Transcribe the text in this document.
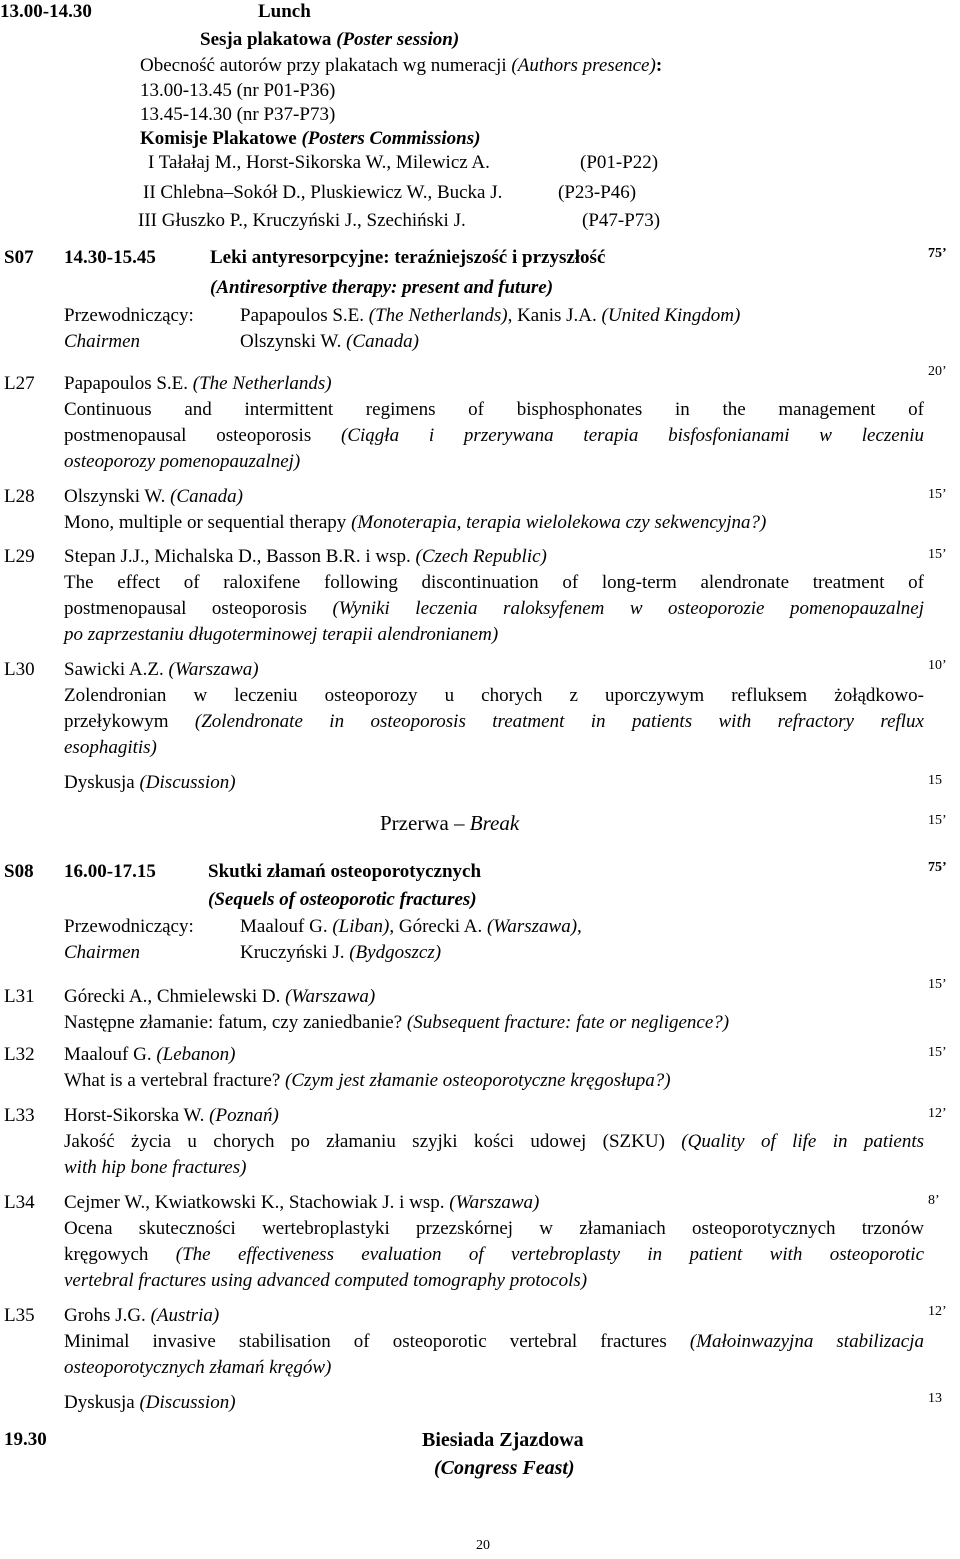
13.00-14.30	Lunch
Sesja plakatowa (Poster session)
Obecność autorów przy plakatach wg numeracji (Authors presence):
13.00-13.45 (nr P01-P36)
13.45-14.30 (nr P37-P73)
Komisje Plakatowe (Posters Commissions)
I Tałałaj M., Horst-Sikorska W., Milewicz A.	(P01-P22)
II Chlebna–Sokół D., Pluskiewicz W., Bucka J.	(P23-P46)
III Głuszko P., Kruczyński J., Szechiński J.	(P47-P73)
S07 14.30-15.45	Leki antyresorpcyjne: teraźniejszość i przyszłość	75’
(Antiresorptive therapy: present and future)
Przewodniczący: Papapoulos S.E. (The Netherlands), Kanis J.A. (United Kingdom)
Chairmen	Olszynski W. (Canada)
L27
20’
Papapoulos S.E. (The Netherlands)
Continuous and intermittent regimens of bisphosphonates in the management of
postmenopausal osteoporosis (Ciągła i przerywana terapia bisfosfonianami w leczeniu
osteoporozy pomenopauzalnej)
L28	15’
Olszynski W. (Canada)
Mono, multiple or sequential therapy (Monoterapia, terapia wielolekowa czy sekwencyjna?)
L29	15’
Stepan J.J., Michalska D., Basson B.R. i wsp. (Czech Republic)
The effect of raloxifene following discontinuation of long-term alendronate treatment of
postmenopausal osteoporosis (Wyniki leczenia raloksyfenem w osteoporozie pomenopauzalnej
po zaprzestaniu długoterminowej terapii alendronianem)
L30	10’
Sawicki A.Z. (Warszawa)
Zolendronian w leczeniu osteoporozy u chorych z uporczywym refluksem żołądkowo-
przełykowym (Zolendronate in osteoporosis treatment in patients with refractory reflux
esophagitis)
Dyskusja (Discussion)	15
Przerwa – Break	15’
S08 16.00-17.15	Skutki złamań osteoporotycznych	75’
(Sequels of osteoporotic fractures)
Przewodniczący: Maalouf G. (Liban), Górecki A. (Warszawa),
Chairmen	Kruczyński J. (Bydgoszcz)
L31
15’
Górecki A., Chmielewski D. (Warszawa)
Następne złamanie: fatum, czy zaniedbanie? (Subsequent fracture: fate or negligence?)
L32	15’
Maalouf G. (Lebanon)
What is a vertebral fracture? (Czym jest złamanie osteoporotyczne kręgosłupa?)
L33	12’
Horst-Sikorska W. (Poznań)
Jakość życia u chorych po złamaniu szyjki kości udowej (SZKU) (Quality of life in patients
with hip bone fractures)
L34	8’
Cejmer W., Kwiatkowski K., Stachowiak J. i wsp. (Warszawa)
Ocena skuteczności wertebroplastyki przezskórnej w złamaniach osteoporotycznych trzonów
kręgowych (The effectiveness evaluation of vertebroplasty in patient with osteoporotic
vertebral fractures using advanced computed tomography protocols)
L35	12’
Grohs J.G. (Austria)
Minimal invasive stabilisation of osteoporotic vertebral fractures (Małoinwazyjna stabilizacja
osteoporotycznych złamań kręgów)
Dyskusja (Discussion)	13
19.30	Biesiada Zjazdowa
(Congress Feast)
20
